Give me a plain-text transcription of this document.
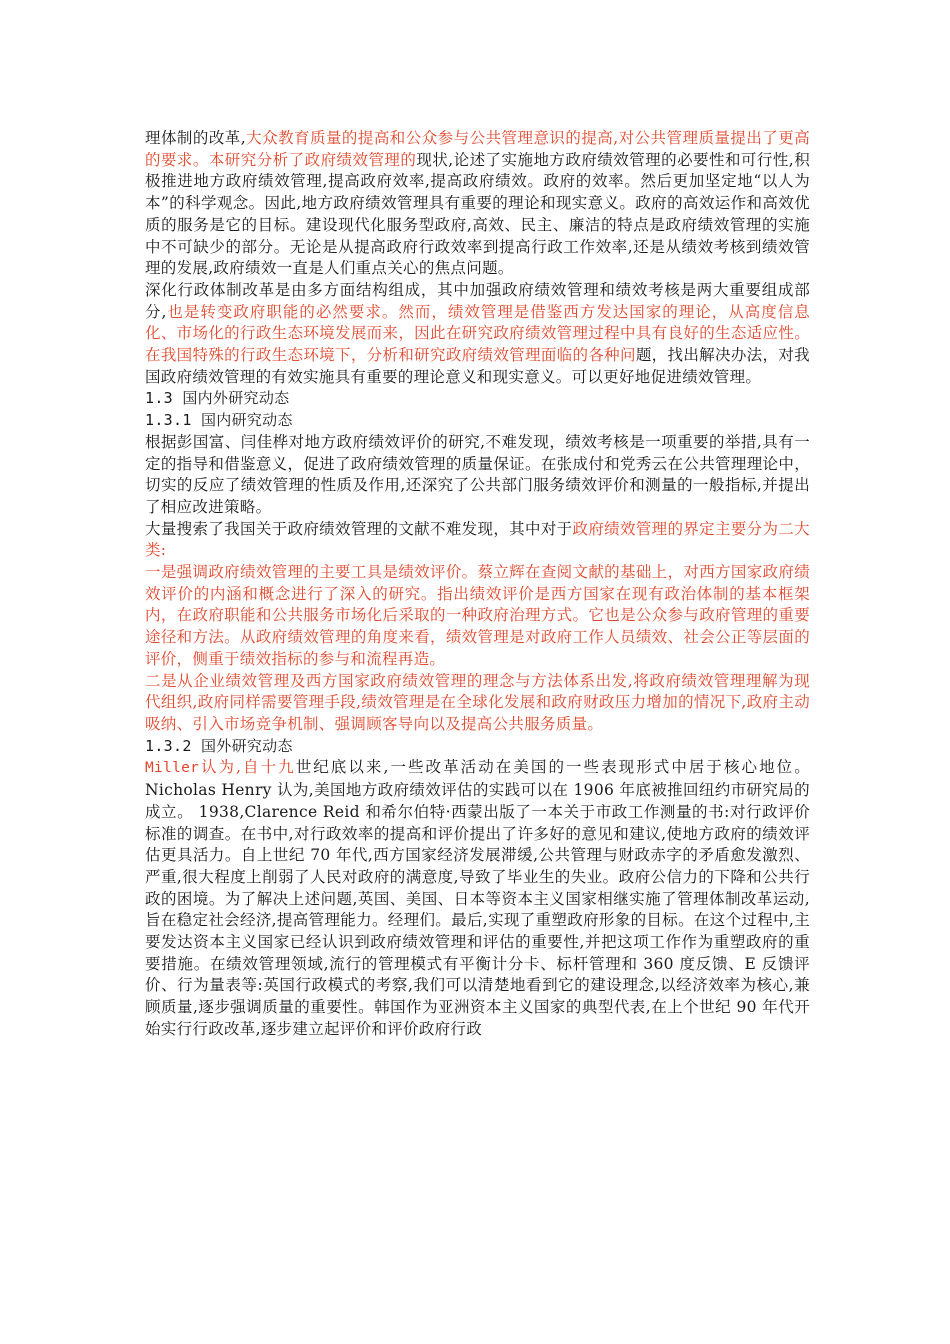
理体制的改革,大众教育质量的提高和公众参与公共管理意识的提高,对公共管理质量提出了更高的要求。本研究分析了政府绩效管理的现状,论述了实施地方政府绩效管理的必要性和可行性,积极推进地方政府绩效管理,提高政府效率,提高政府绩效。政府的效率。然后更加坚定地“以人为本”的科学观念。因此,地方政府绩效管理具有重要的理论和现实意义。政府的高效运作和高效优质的服务是它的目标。建设现代化服务型政府,高效、民主、廉洁的特点是政府绩效管理的实施中不可缺少的部分。无论是从提高政府行政效率到提高行政工作效率,还是从绩效考核到绩效管理的发展,政府绩效一直是人们重点关心的焦点问题。

深化行政体制改革是由多方面结构组成，其中加强政府绩效管理和绩效考核是两大重要组成部分,也是转变政府职能的必然要求。然而，绩效管理是借鉴西方发达国家的理论，从高度信息化、市场化的行政生态环境发展而来，因此在研究政府绩效管理过程中具有良好的生态适应性。在我国特殊的行政生态环境下，分析和研究政府绩效管理面临的各种问题，找出解决办法，对我国政府绩效管理的有效实施具有重要的理论意义和现实意义。可以更好地促进绩效管理。

1.3 国内外研究动态

1.3.1 国内研究动态

根据彭国富、闫佳桦对地方政府绩效评价的研究,不难发现，绩效考核是一项重要的举措,具有一定的指导和借鉴意义，促进了政府绩效管理的质量保证。在张成付和党秀云在公共管理理论中，切实的反应了绩效管理的性质及作用,还深究了公共部门服务绩效评价和测量的一般指标,并提出了相应改进策略。

大量搜索了我国关于政府绩效管理的文献不难发现，其中对于政府绩效管理的界定主要分为二大类:

一是强调政府绩效管理的主要工具是绩效评价。蔡立辉在查阅文献的基础上，对西方国家政府绩效评价的内涵和概念进行了深入的研究。指出绩效评价是西方国家在现有政治体制的基本框架内，在政府职能和公共服务市场化后采取的一种政府治理方式。它也是公众参与政府管理的重要途径和方法。从政府绩效管理的角度来看，绩效管理是对政府工作人员绩效、社会公正等层面的评价，侧重于绩效指标的参与和流程再造。

二是从企业绩效管理及西方国家政府绩效管理的理念与方法体系出发,将政府绩效管理理解为现代组织,政府同样需要管理手段,绩效管理是在全球化发展和政府财政压力增加的情况下,政府主动吸纳、引入市场竞争机制、强调顾客导向以及提高公共服务质量。

1.3.2 国外研究动态

Miller认为,自十九世纪底以来,一些改革活动在美国的一些表现形式中居于核心地位。Nicholas Henry 认为,美国地方政府绩效评估的实践可以在 1906 年底被推回纽约市研究局的成立。 1938,Clarence Reid 和希尔伯特·西蒙出版了一本关于市政工作测量的书:对行政评价标准的调查。在书中,对行政效率的提高和评价提出了许多好的意见和建议,使地方政府的绩效评估更具活力。自上世纪 70 年代,西方国家经济发展滞缓,公共管理与财政赤字的矛盾愈发激烈、严重,很大程度上削弱了人民对政府的满意度,导致了毕业生的失业。政府公信力的下降和公共行政的困境。为了解决上述问题,英国、美国、日本等资本主义国家相继实施了管理体制改革运动,旨在稳定社会经济,提高管理能力。经理们。最后,实现了重塑政府形象的目标。在这个过程中,主要发达资本主义国家已经认识到政府绩效管理和评估的重要性,并把这项工作作为重塑政府的重要措施。在绩效管理领域,流行的管理模式有平衡计分卡、标杆管理和 360 度反馈、E 反馈评价、行为量表等:英国行政模式的考察,我们可以清楚地看到它的建设理念,以经济效率为核心,兼顾质量,逐步强调质量的重要性。韩国作为亚洲资本主义国家的典型代表,在上个世纪 90 年代开始实行行政改革,逐步建立起评价和评价政府行政
